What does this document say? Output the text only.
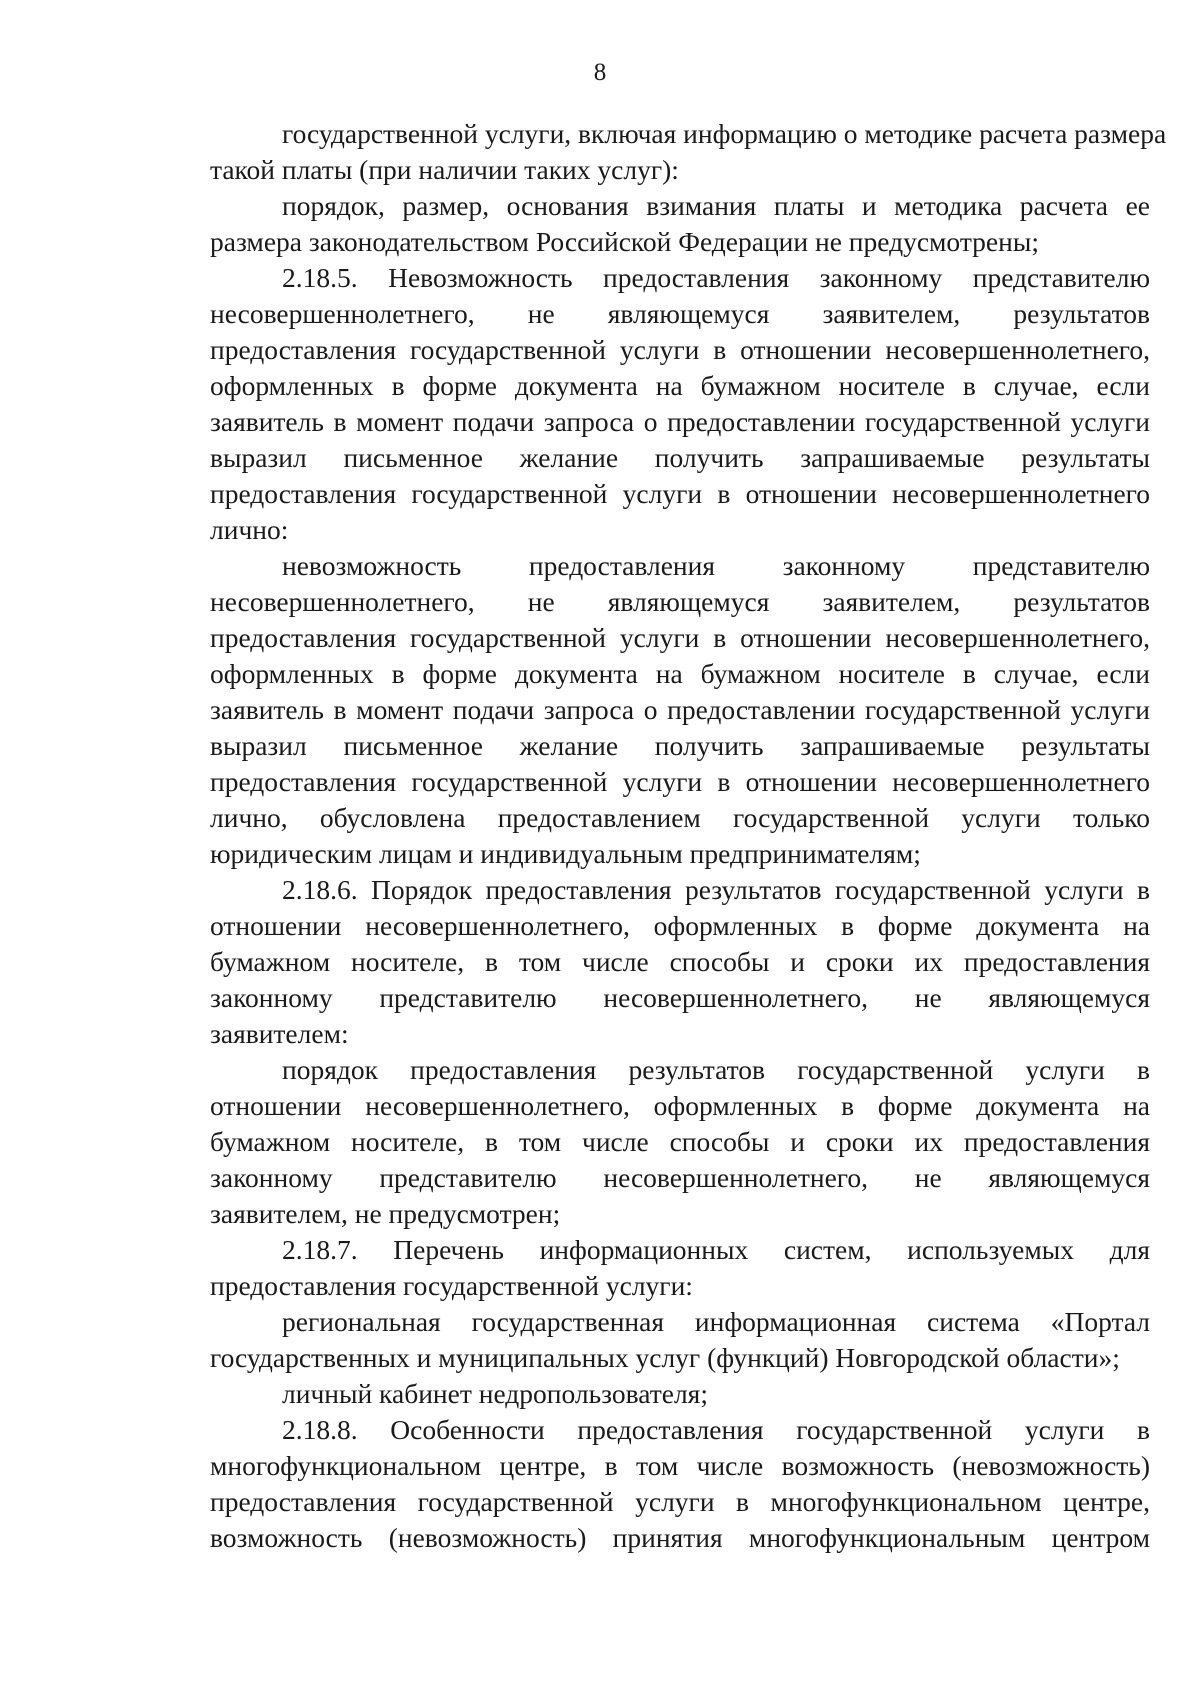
8
государственной услуги, включая информацию о методике расчета размера
такой платы (при наличии таких услуг):
порядок, размер, основания взимания платы и методика расчета ее
размера законодательством Российской Федерации не предусмотрены;
2.18.5. Невозможность предоставления законному представителю
несовершеннолетнего, не являющемуся заявителем, результатов
предоставления государственной услуги в отношении несовершеннолетнего,
оформленных в форме документа на бумажном носителе в случае, если
заявитель в момент подачи запроса о предоставлении государственной услуги
выразил письменное желание получить запрашиваемые результаты
предоставления государственной услуги в отношении несовершеннолетнего
лично:
невозможность предоставления законному представителю
несовершеннолетнего, не являющемуся заявителем, результатов
предоставления государственной услуги в отношении несовершеннолетнего,
оформленных в форме документа на бумажном носителе в случае, если
заявитель в момент подачи запроса о предоставлении государственной услуги
выразил письменное желание получить запрашиваемые результаты
предоставления государственной услуги в отношении несовершеннолетнего
лично, обусловлена предоставлением государственной услуги только
юридическим лицам и индивидуальным предпринимателям;
2.18.6. Порядок предоставления результатов государственной услуги в
отношении несовершеннолетнего, оформленных в форме документа на
бумажном носителе, в том числе способы и сроки их предоставления
законному представителю несовершеннолетнего, не являющемуся
заявителем:
порядок предоставления результатов государственной услуги в
отношении несовершеннолетнего, оформленных в форме документа на
бумажном носителе, в том числе способы и сроки их предоставления
законному представителю несовершеннолетнего, не являющемуся
заявителем, не предусмотрен;
2.18.7. Перечень информационных систем, используемых для
предоставления государственной услуги:
региональная государственная информационная система «Портал
государственных и муниципальных услуг (функций) Новгородской области»;
личный кабинет недропользователя;
2.18.8. Особенности предоставления государственной услуги в
многофункциональном центре, в том числе возможность (невозможность)
предоставления государственной услуги в многофункциональном центре,
возможность (невозможность) принятия многофункциональным центром
